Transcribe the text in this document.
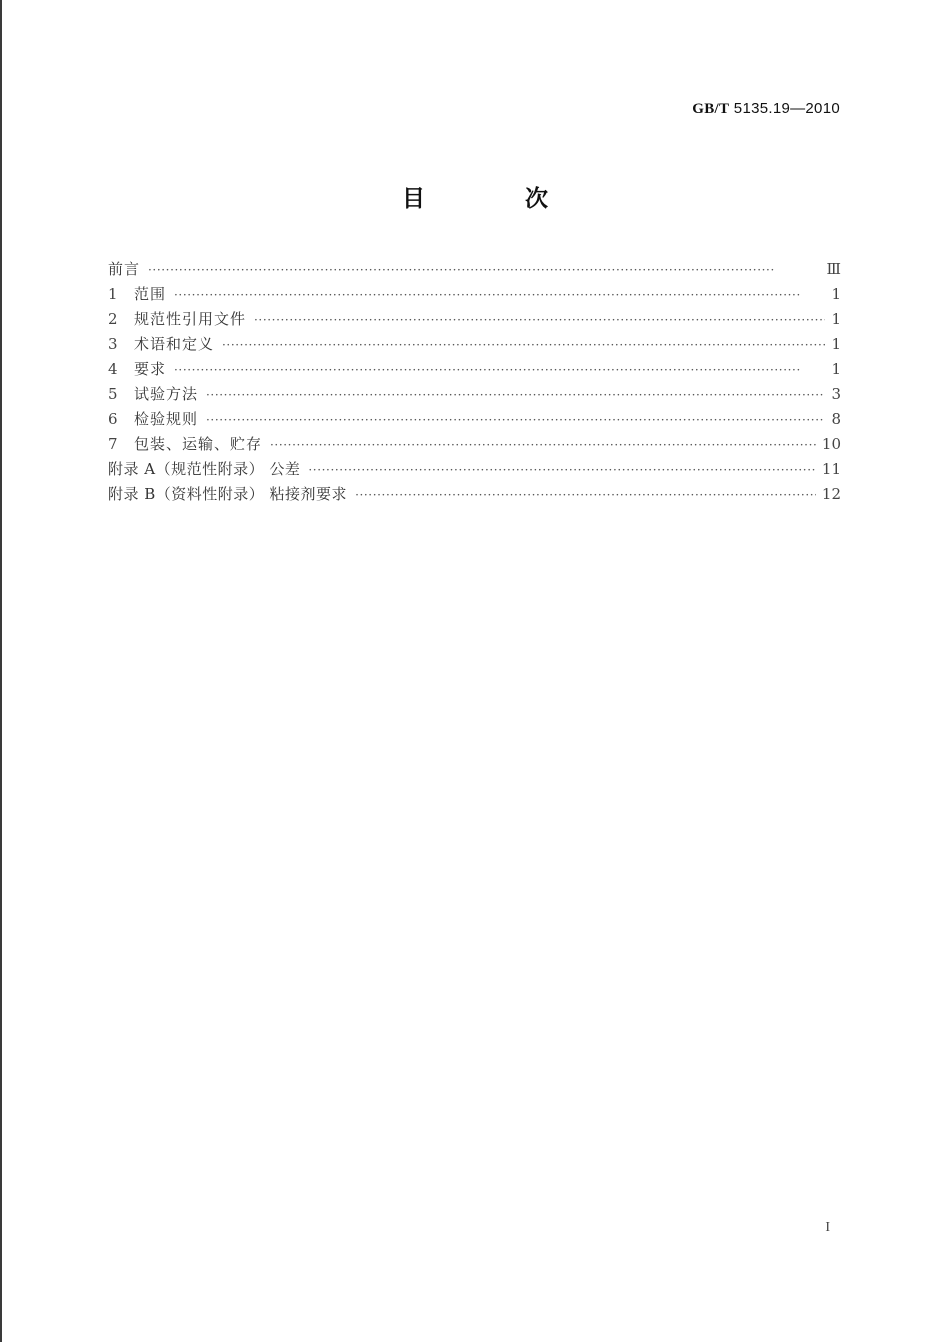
GB/T 5135.19—2010
目 次
前言 ·····	Ⅲ
1	范围 ·····	1
2	规范性引用文件 ·····	1
3	术语和定义 ·····	1
4	要求 ·····	1
5	试验方法 ·····	3
6	检验规则 ·····	8
7	包装、运输、贮存 ·····	10
附录 A（规范性附录） 公差 ·····	11
附录 B（资料性附录） 粘接剂要求 ·····	12
I
